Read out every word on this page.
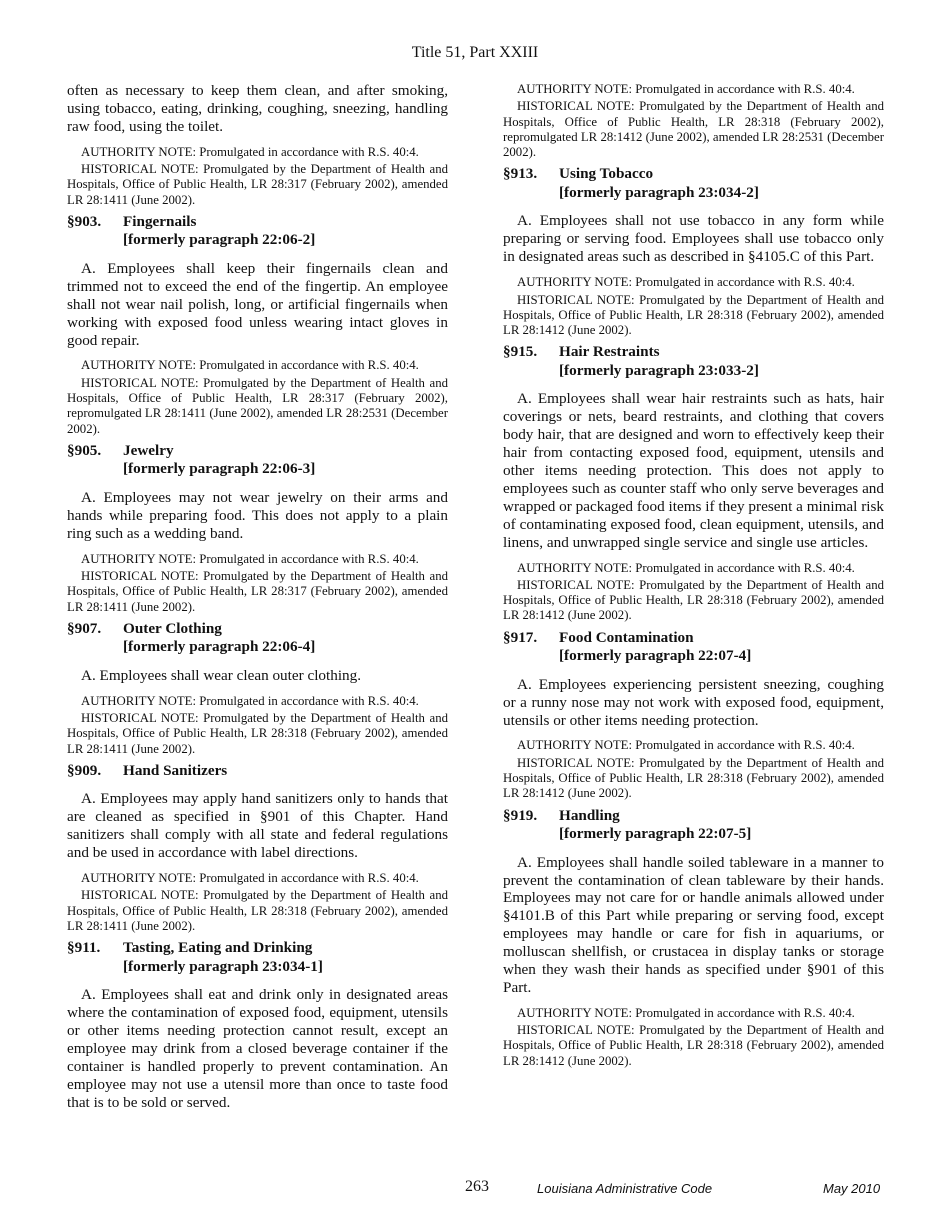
Title 51, Part XXIII

often as necessary to keep them clean, and after smoking, using tobacco, eating, drinking, coughing, sneezing, handling raw food, using the toilet.

AUTHORITY NOTE: Promulgated in accordance with R.S. 40:4.

HISTORICAL NOTE: Promulgated by the Department of Health and Hospitals, Office of Public Health, LR 28:317 (February 2002), amended LR 28:1411 (June 2002).

§903.	Fingernails
[formerly paragraph 22:06-2]

A. Employees shall keep their fingernails clean and trimmed not to exceed the end of the fingertip. An employee shall not wear nail polish, long, or artificial fingernails when working with exposed food unless wearing intact gloves in good repair.

AUTHORITY NOTE: Promulgated in accordance with R.S. 40:4.

HISTORICAL NOTE: Promulgated by the Department of Health and Hospitals, Office of Public Health, LR 28:317 (February 2002), repromulgated LR 28:1411 (June 2002), amended LR 28:2531 (December 2002).

§905.	Jewelry
[formerly paragraph 22:06-3]

A. Employees may not wear jewelry on their arms and hands while preparing food. This does not apply to a plain ring such as a wedding band.

AUTHORITY NOTE: Promulgated in accordance with R.S. 40:4.

HISTORICAL NOTE: Promulgated by the Department of Health and Hospitals, Office of Public Health, LR 28:317 (February 2002), amended LR 28:1411 (June 2002).

§907.	Outer Clothing
[formerly paragraph 22:06-4]

A. Employees shall wear clean outer clothing.

AUTHORITY NOTE: Promulgated in accordance with R.S. 40:4.

HISTORICAL NOTE: Promulgated by the Department of Health and Hospitals, Office of Public Health, LR 28:318 (February 2002), amended LR 28:1411 (June 2002).

§909.	Hand Sanitizers

A. Employees may apply hand sanitizers only to hands that are cleaned as specified in §901 of this Chapter. Hand sanitizers shall comply with all state and federal regulations and be used in accordance with label directions.

AUTHORITY NOTE: Promulgated in accordance with R.S. 40:4.

HISTORICAL NOTE: Promulgated by the Department of Health and Hospitals, Office of Public Health, LR 28:318 (February 2002), amended LR 28:1411 (June 2002).

§911.	Tasting, Eating and Drinking
[formerly paragraph 23:034-1]

A. Employees shall eat and drink only in designated areas where the contamination of exposed food, equipment, utensils or other items needing protection cannot result, except an employee may drink from a closed beverage container if the container is handled properly to prevent contamination. An employee may not use a utensil more than once to taste food that is to be sold or served.

AUTHORITY NOTE: Promulgated in accordance with R.S. 40:4.

HISTORICAL NOTE: Promulgated by the Department of Health and Hospitals, Office of Public Health, LR 28:318 (February 2002), repromulgated LR 28:1412 (June 2002), amended LR 28:2531 (December 2002).

§913.	Using Tobacco
[formerly paragraph 23:034-2]

A. Employees shall not use tobacco in any form while preparing or serving food. Employees shall use tobacco only in designated areas such as described in §4105.C of this Part.

AUTHORITY NOTE: Promulgated in accordance with R.S. 40:4.

HISTORICAL NOTE: Promulgated by the Department of Health and Hospitals, Office of Public Health, LR 28:318 (February 2002), amended LR 28:1412 (June 2002).

§915.	Hair Restraints
[formerly paragraph 23:033-2]

A. Employees shall wear hair restraints such as hats, hair coverings or nets, beard restraints, and clothing that covers body hair, that are designed and worn to effectively keep their hair from contacting exposed food, equipment, utensils and other items needing protection. This does not apply to employees such as counter staff who only serve beverages and wrapped or packaged food items if they present a minimal risk of contaminating exposed food, clean equipment, utensils, and linens, and unwrapped single service and single use articles.

AUTHORITY NOTE: Promulgated in accordance with R.S. 40:4.

HISTORICAL NOTE: Promulgated by the Department of Health and Hospitals, Office of Public Health, LR 28:318 (February 2002), amended LR 28:1412 (June 2002).

§917.	Food Contamination
[formerly paragraph 22:07-4]

A. Employees experiencing persistent sneezing, coughing or a runny nose may not work with exposed food, equipment, utensils or other items needing protection.

AUTHORITY NOTE: Promulgated in accordance with R.S. 40:4.

HISTORICAL NOTE: Promulgated by the Department of Health and Hospitals, Office of Public Health, LR 28:318 (February 2002), amended LR 28:1412 (June 2002).

§919.	Handling
[formerly paragraph 22:07-5]

A. Employees shall handle soiled tableware in a manner to prevent the contamination of clean tableware by their hands. Employees may not care for or handle animals allowed under §4101.B of this Part while preparing or serving food, except employees may handle or care for fish in aquariums, or molluscan shellfish, or crustacea in display tanks or storage when they wash their hands as specified under §901 of this Part.

AUTHORITY NOTE: Promulgated in accordance with R.S. 40:4.

HISTORICAL NOTE: Promulgated by the Department of Health and Hospitals, Office of Public Health, LR 28:318 (February 2002), amended LR 28:1412 (June 2002).

263	Louisiana Administrative Code	May 2010
